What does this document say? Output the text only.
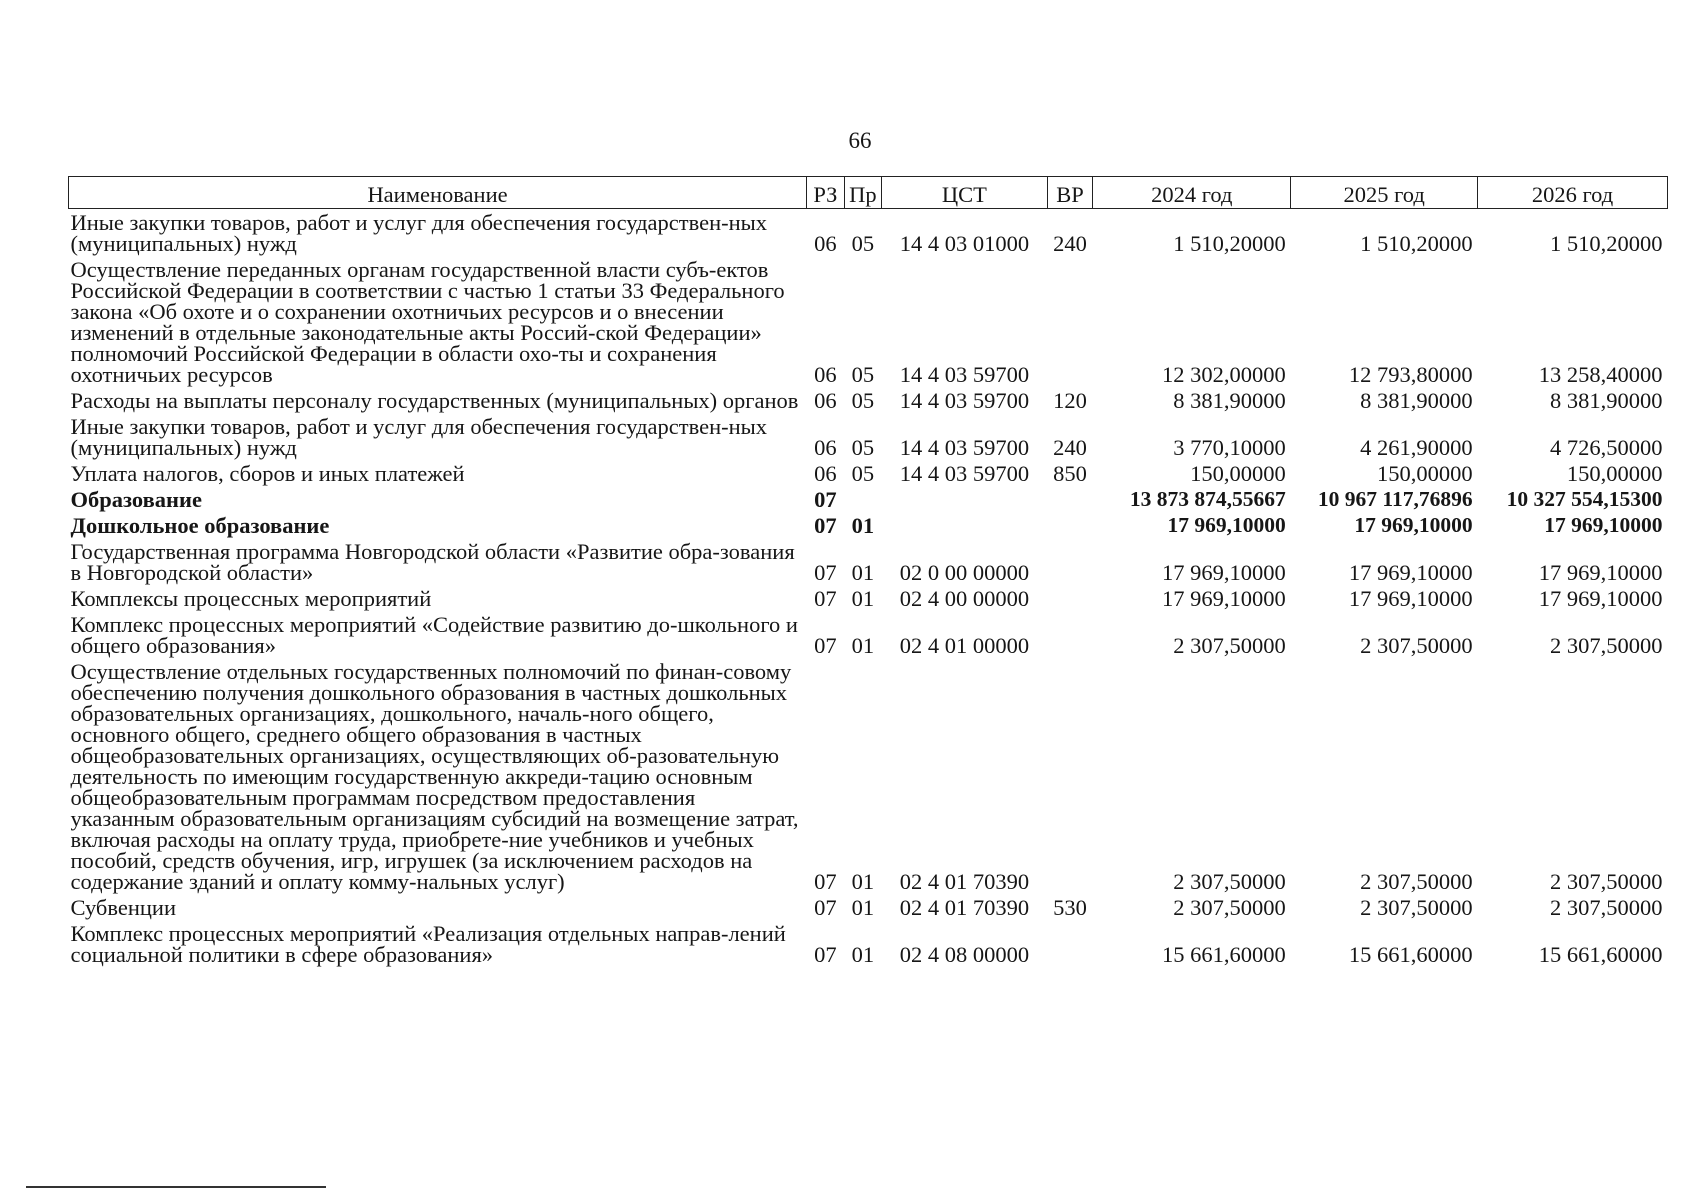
66
Наименование	РЗ	Пр	ЦСТ	ВР	2024 год	2025 год	2026 год
Иные закупки товаров, работ и услуг для обеспечения государствен-ных (муниципальных) нужд	06	05	14 4 03 01000	240	1 510,20000	1 510,20000	1 510,20000
Осуществление переданных органам государственной власти субъ-ектов Российской Федерации в соответствии с частью 1 статьи 33 Федерального закона «Об охоте и о сохранении охотничьих ресурсов и о внесении изменений в отдельные законодательные акты Россий-ской Федерации» полномочий Российской Федерации в области охо-ты и сохранения охотничьих ресурсов	06	05	14 4 03 59700		12 302,00000	12 793,80000	13 258,40000
Расходы на выплаты персоналу государственных (муниципальных) органов	06	05	14 4 03 59700	120	8 381,90000	8 381,90000	8 381,90000
Иные закупки товаров, работ и услуг для обеспечения государствен-ных (муниципальных) нужд	06	05	14 4 03 59700	240	3 770,10000	4 261,90000	4 726,50000
Уплата налогов, сборов и иных платежей	06	05	14 4 03 59700	850	150,00000	150,00000	150,00000
Образование	07				13 873 874,55667	10 967 117,76896	10 327 554,15300
Дошкольное образование	07	01			17 969,10000	17 969,10000	17 969,10000
Государственная программа Новгородской области «Развитие обра-зования в Новгородской области»	07	01	02 0 00 00000		17 969,10000	17 969,10000	17 969,10000
Комплексы процессных мероприятий	07	01	02 4 00 00000		17 969,10000	17 969,10000	17 969,10000
Комплекс процессных мероприятий «Содействие развитию до-школьного и общего образования»	07	01	02 4 01 00000		2 307,50000	2 307,50000	2 307,50000
Осуществление отдельных государственных полномочий по финан-совому обеспечению получения дошкольного образования в частных дошкольных образовательных организациях, дошкольного, началь-ного общего, основного общего, среднего общего образования в частных общеобразовательных организациях, осуществляющих об-разовательную деятельность по имеющим государственную аккреди-тацию основным общеобразовательным программам посредством предоставления указанным образовательным организациям субсидий на возмещение затрат, включая расходы на оплату труда, приобрете-ние учебников и учебных пособий, средств обучения, игр, игрушек (за исключением расходов на содержание зданий и оплату комму-нальных услуг)	07	01	02 4 01 70390		2 307,50000	2 307,50000	2 307,50000
Субвенции	07	01	02 4 01 70390	530	2 307,50000	2 307,50000	2 307,50000
Комплекс процессных мероприятий «Реализация отдельных направ-лений социальной политики в сфере образования»	07	01	02 4 08 00000		15 661,60000	15 661,60000	15 661,60000
